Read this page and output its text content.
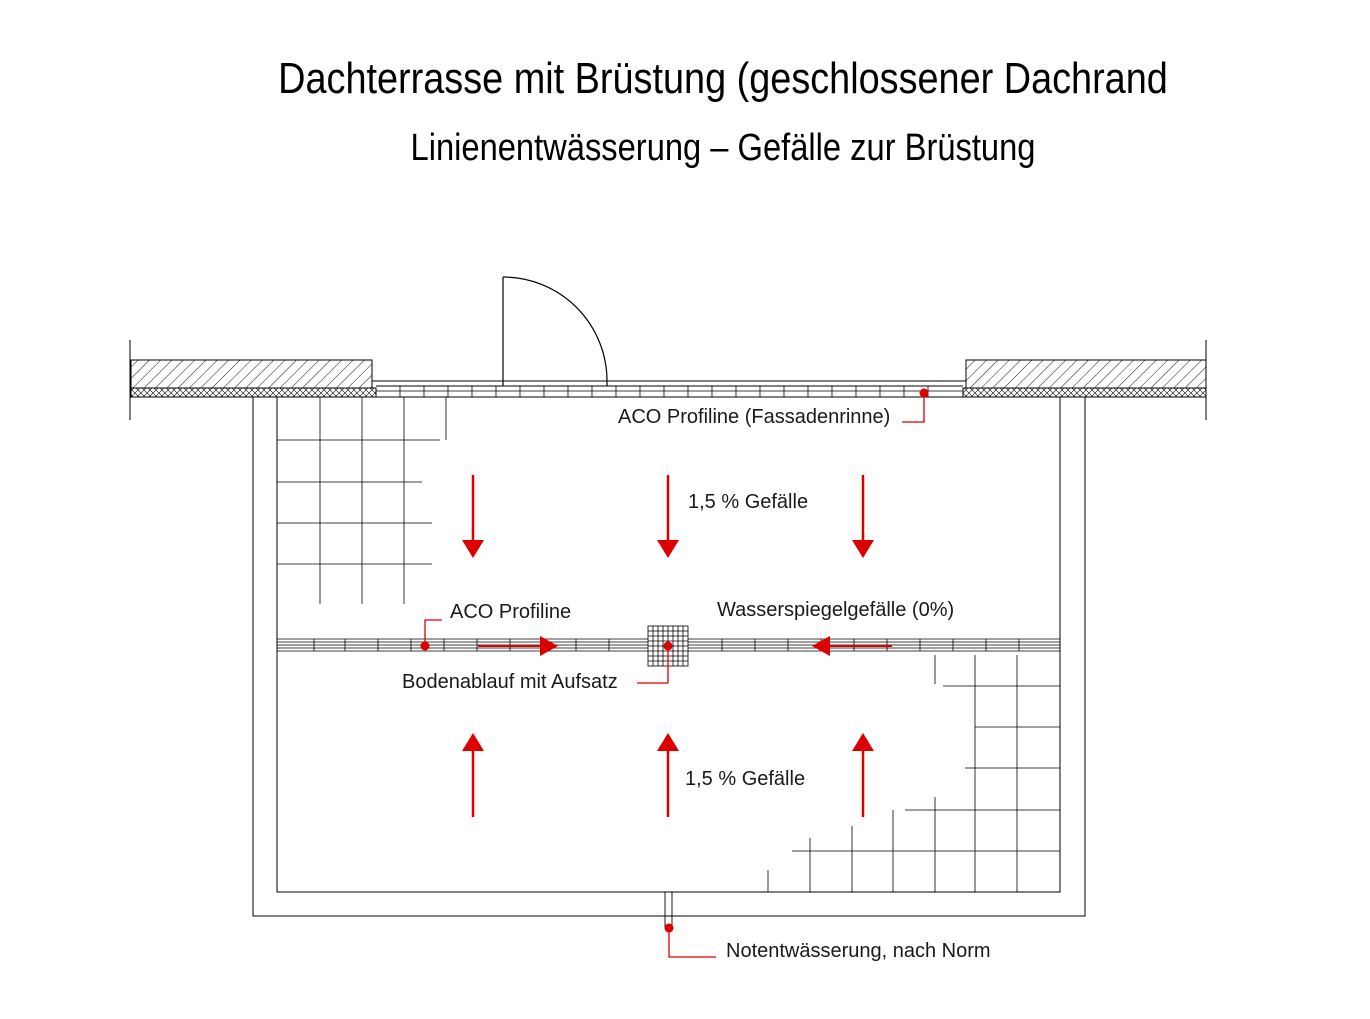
Dachterrasse mit Brüstung (geschlossener Dachrand
Linienentwässerung – Gefälle zur Brüstung
ACO Profiline (Fassadenrinne)
1,5 % Gefälle
ACO Profiline	Wasserspiegelgefälle (0%)
Bodenablauf mit Aufsatz
1,5 % Gefälle
Notentwässerung, nach Norm
